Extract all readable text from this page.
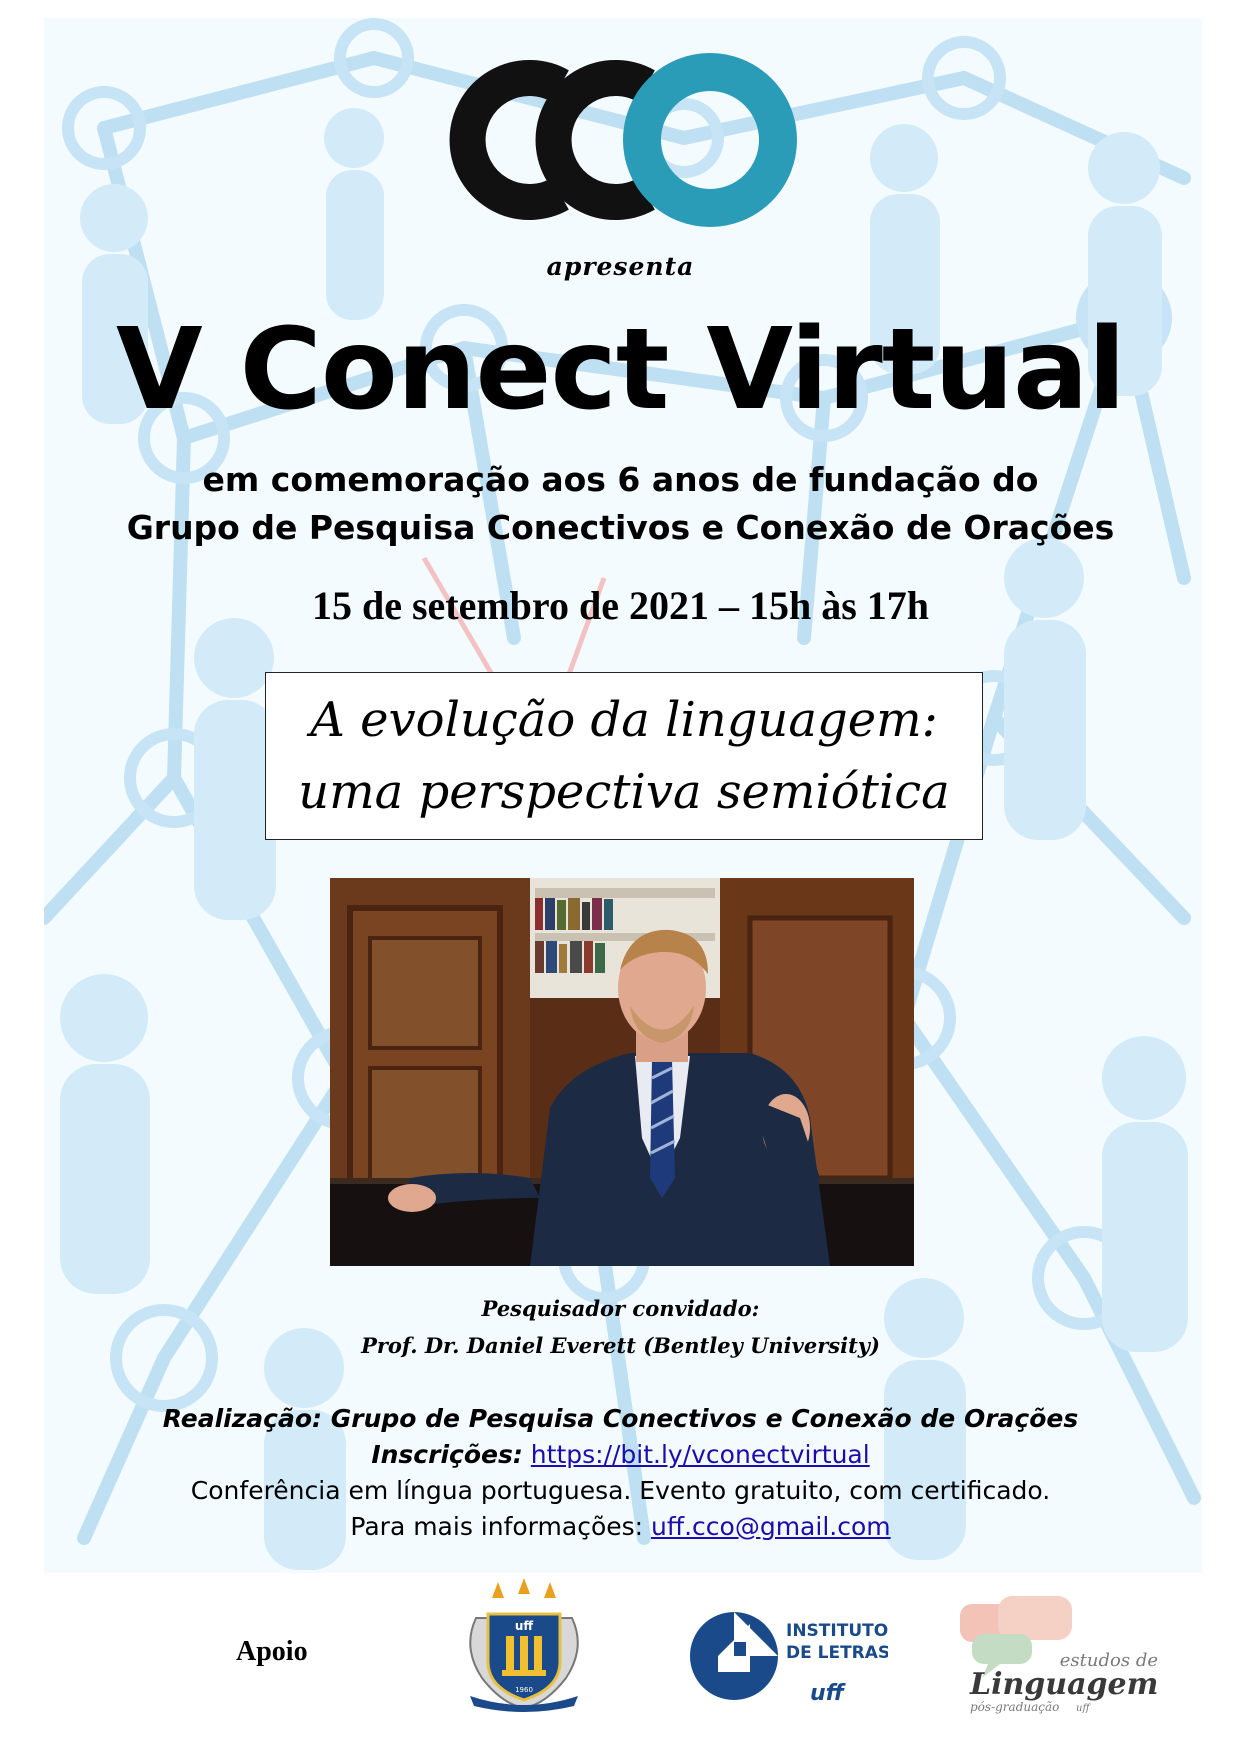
apresenta
V Conect Virtual
em comemoração aos 6 anos de fundação do
Grupo de Pesquisa Conectivos e Conexão de Orações
15 de setembro de 2021 – 15h às 17h
A evolução da linguagem:
uma perspectiva semiótica
Pesquisador convidado:
Prof. Dr. Daniel Everett (Bentley University)
Realização: Grupo de Pesquisa Conectivos e Conexão de Orações
Inscrições: https://bit.ly/vconectvirtual
Conferência em língua portuguesa. Evento gratuito, com certificado.
Para mais informações: uff.cco@gmail.com
Apoio
uff
1960
INSTITUTO
DE LETRAS
uff
estudos de
Linguagem
pós-graduação uff
